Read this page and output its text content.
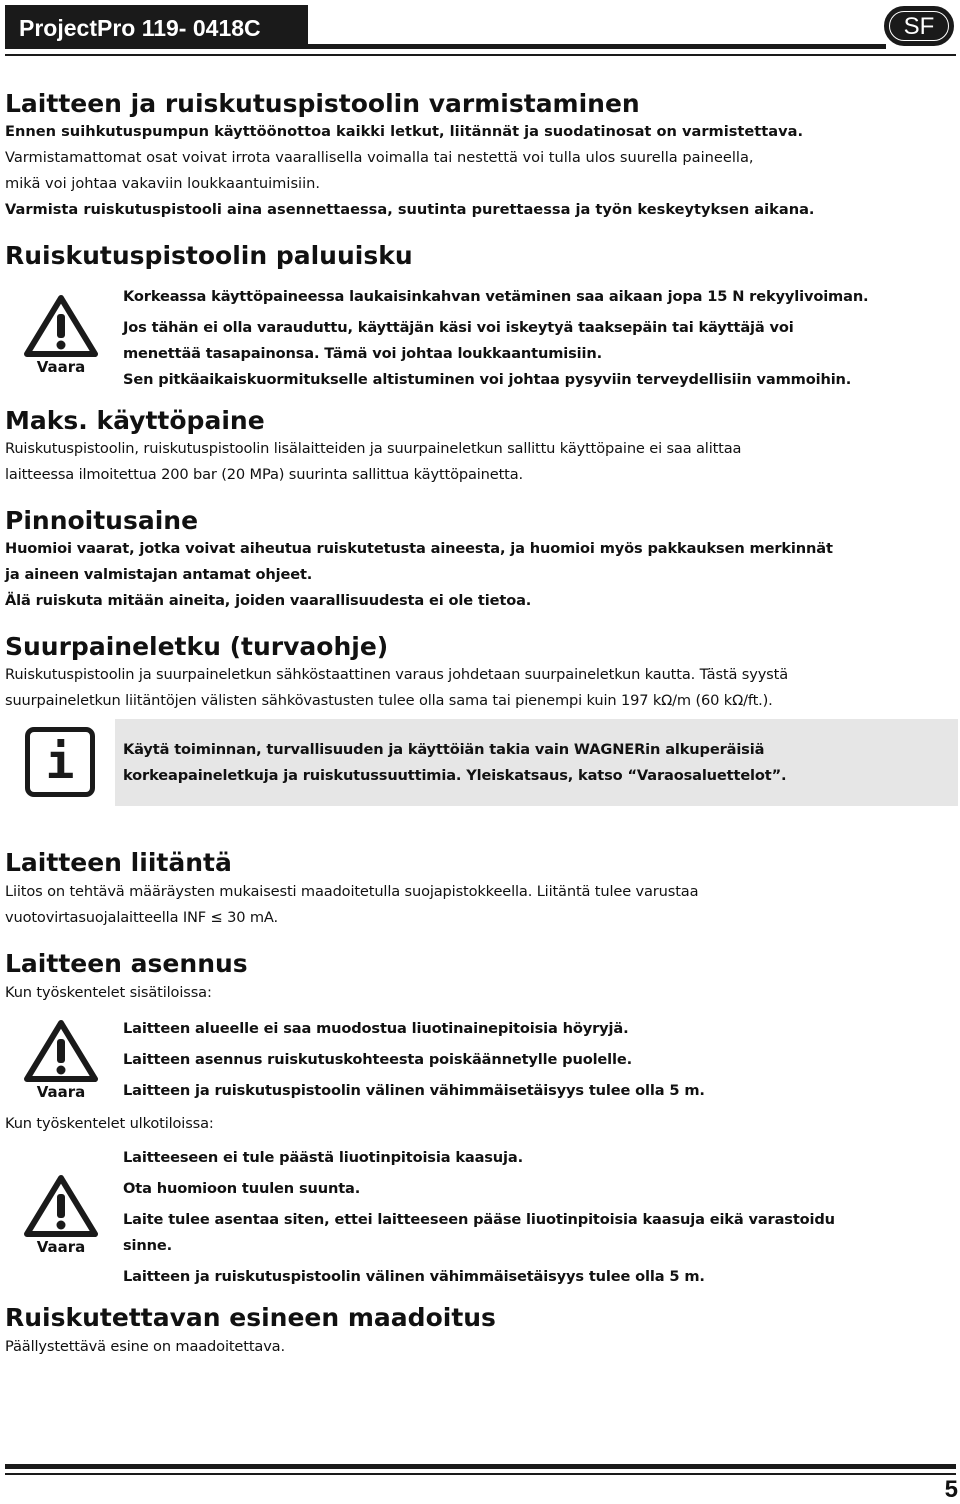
ProjectPro 119- 0418C	SF
Laitteen ja ruiskutuspistoolin varmistaminen
Ennen suihkutuspumpun käyttöönottoa kaikki letkut, liitännät ja suodatinosat on varmistettava.
Varmistamattomat osat voivat irrota vaarallisella voimalla tai nestettä voi tulla ulos suurella paineella,
mikä voi johtaa vakaviin loukkaantuimisiin.
Varmista ruiskutuspistooli aina asennettaessa, suutinta purettaessa ja työn keskeytyksen aikana.
Ruiskutuspistoolin paluuisku
Vaara
Korkeassa käyttöpaineessa laukaisinkahvan vetäminen saa aikaan jopa 15 N rekyylivoiman.
Jos tähän ei olla varauduttu, käyttäjän käsi voi iskeytyä taaksepäin tai käyttäjä voi
menettää tasapainonsa. Tämä voi johtaa loukkaantumisiin.
Sen pitkäaikaiskuormitukselle altistuminen voi johtaa pysyviin terveydellisiin vammoihin.
Maks. käyttöpaine
Ruiskutuspistoolin, ruiskutuspistoolin lisälaitteiden ja suurpaineletkun sallittu käyttöpaine ei saa alittaa
laitteessa ilmoitettua 200 bar (20 MPa) suurinta sallittua käyttöpainetta.
Pinnoitusaine
Huomioi vaarat, jotka voivat aiheutua ruiskutetusta aineesta, ja huomioi myös pakkauksen merkinnät
ja aineen valmistajan antamat ohjeet.
Älä ruiskuta mitään aineita, joiden vaarallisuudesta ei ole tietoa.
Suurpaineletku (turvaohje)
Ruiskutuspistoolin ja suurpaineletkun sähköstaattinen varaus johdetaan suurpaineletkun kautta. Tästä syystä
suurpaineletkun liitäntöjen välisten sähkövastusten tulee olla sama tai pienempi kuin 197 kΩ/m (60 kΩ/ft.).
i	Käytä toiminnan, turvallisuuden ja käyttöiän takia vain WAGNERin alkuperäisiä
korkeapaineletkuja ja ruiskutussuuttimia. Yleiskatsaus, katso “Varaosaluettelot”.
Laitteen liitäntä
Liitos on tehtävä määräysten mukaisesti maadoitetulla suojapistokkeella. Liitäntä tulee varustaa
vuotovirtasuojalaitteella INF ≤ 30 mA.
Laitteen asennus
Kun työskentelet sisätiloissa:
Vaara
Laitteen alueelle ei saa muodostua liuotinainepitoisia höyryjä.
Laitteen asennus ruiskutuskohteesta poiskäännetylle puolelle.
Laitteen ja ruiskutuspistoolin välinen vähimmäisetäisyys tulee olla 5 m.
Kun työskentelet ulkotiloissa:
Vaara
Laitteeseen ei tule päästä liuotinpitoisia kaasuja.
Ota huomioon tuulen suunta.
Laite tulee asentaa siten, ettei laitteeseen pääse liuotinpitoisia kaasuja eikä varastoidu
sinne.
Laitteen ja ruiskutuspistoolin välinen vähimmäisetäisyys tulee olla 5 m.
Ruiskutettavan esineen maadoitus
Päällystettävä esine on maadoitettava.
5
